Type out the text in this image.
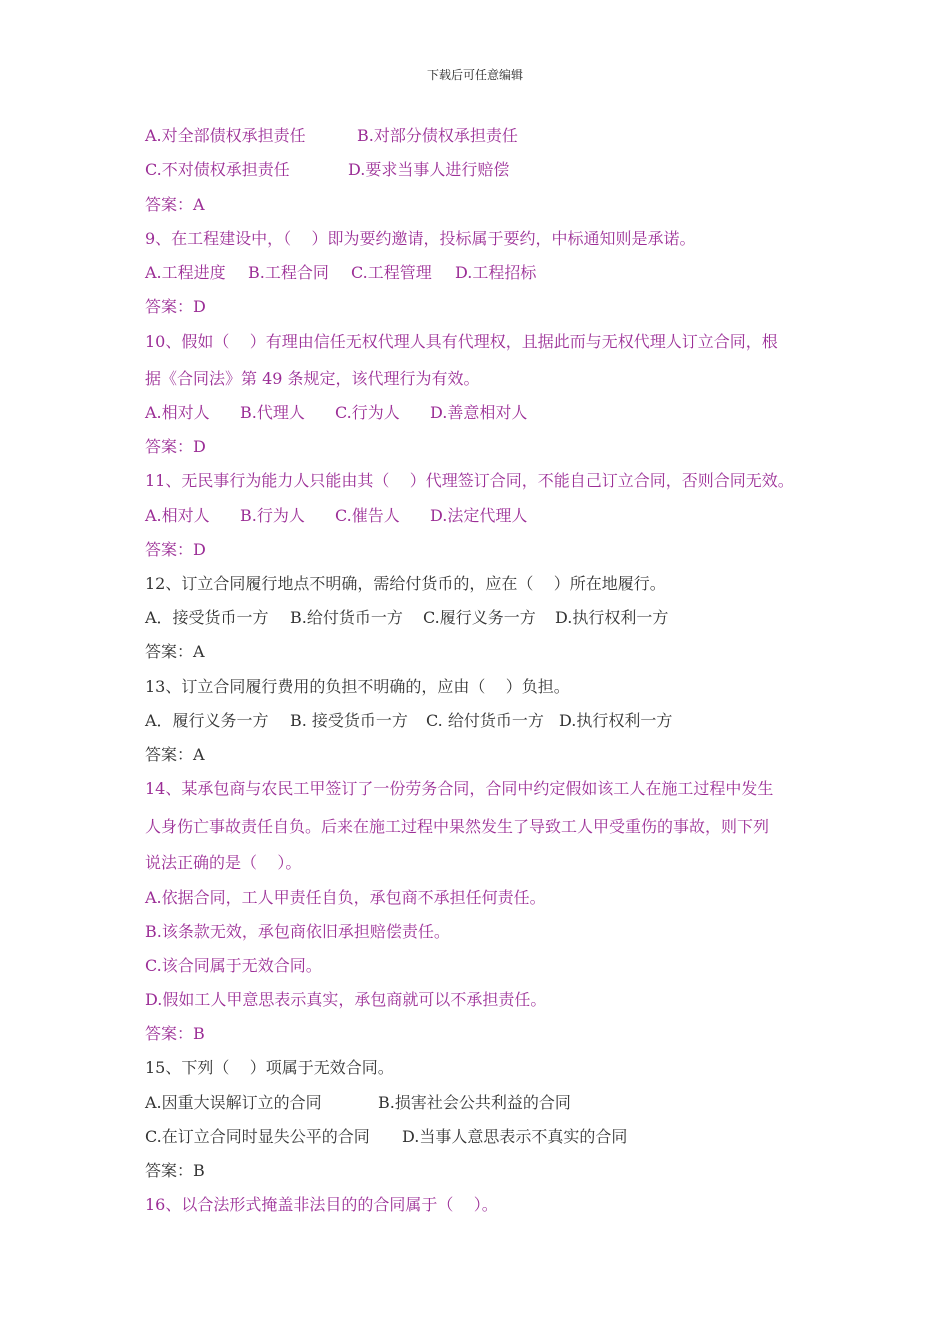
下载后可任意编辑

A.对全部债权承担责任

	B.对部分债权承担责任

C.不对债权承担责任

	D.要求当事人进行赔偿

答案：A
9、在工程建设中，（    ）即为要约邀请，投标属于要约，中标通知则是承诺。

A.工程进度

B.工程合同

C.工程管理

D.工程招标

答案：D
10、假如（    ）有理由信任无权代理人具有代理权，且据此而与无权代理人订立合同，根
据《合同法》第 49 条规定，该代理行为有效。

A.相对人

B.代理人

C.行为人

D.善意相对人

答案：D
11、无民事行为能力人只能由其（    ）代理签订合同，不能自己订立合同，否则合同无效。

A.相对人

B.行为人

C.催告人

D.法定代理人

答案：D
12、订立合同履行地点不明确，需给付货币的，应在（    ）所在地履行。

A．接受货币一方

B.给付货币一方

C.履行义务一方

D.执行权利一方

答案：A
13、订立合同履行费用的负担不明确的，应由（    ）负担。

A．履行义务一方

B. 接受货币一方

C. 给付货币一方

D.执行权利一方

答案：A
14、某承包商与农民工甲签订了一份劳务合同，合同中约定假如该工人在施工过程中发生
人身伤亡事故责任自负。后来在施工过程中果然发生了导致工人甲受重伤的事故，则下列
说法正确的是（    ）。
A.依据合同，工人甲责任自负，承包商不承担任何责任。
B.该条款无效，承包商依旧承担赔偿责任。
C.该合同属于无效合同。
D.假如工人甲意思表示真实，承包商就可以不承担责任。
答案：B
15、下列（    ）项属于无效合同。

A.因重大误解订立的合同

	B.损害社会公共利益的合同

C.在订立合同时显失公平的合同

D.当事人意思表示不真实的合同

答案：B
16、以合法形式掩盖非法目的的合同属于（    ）。
